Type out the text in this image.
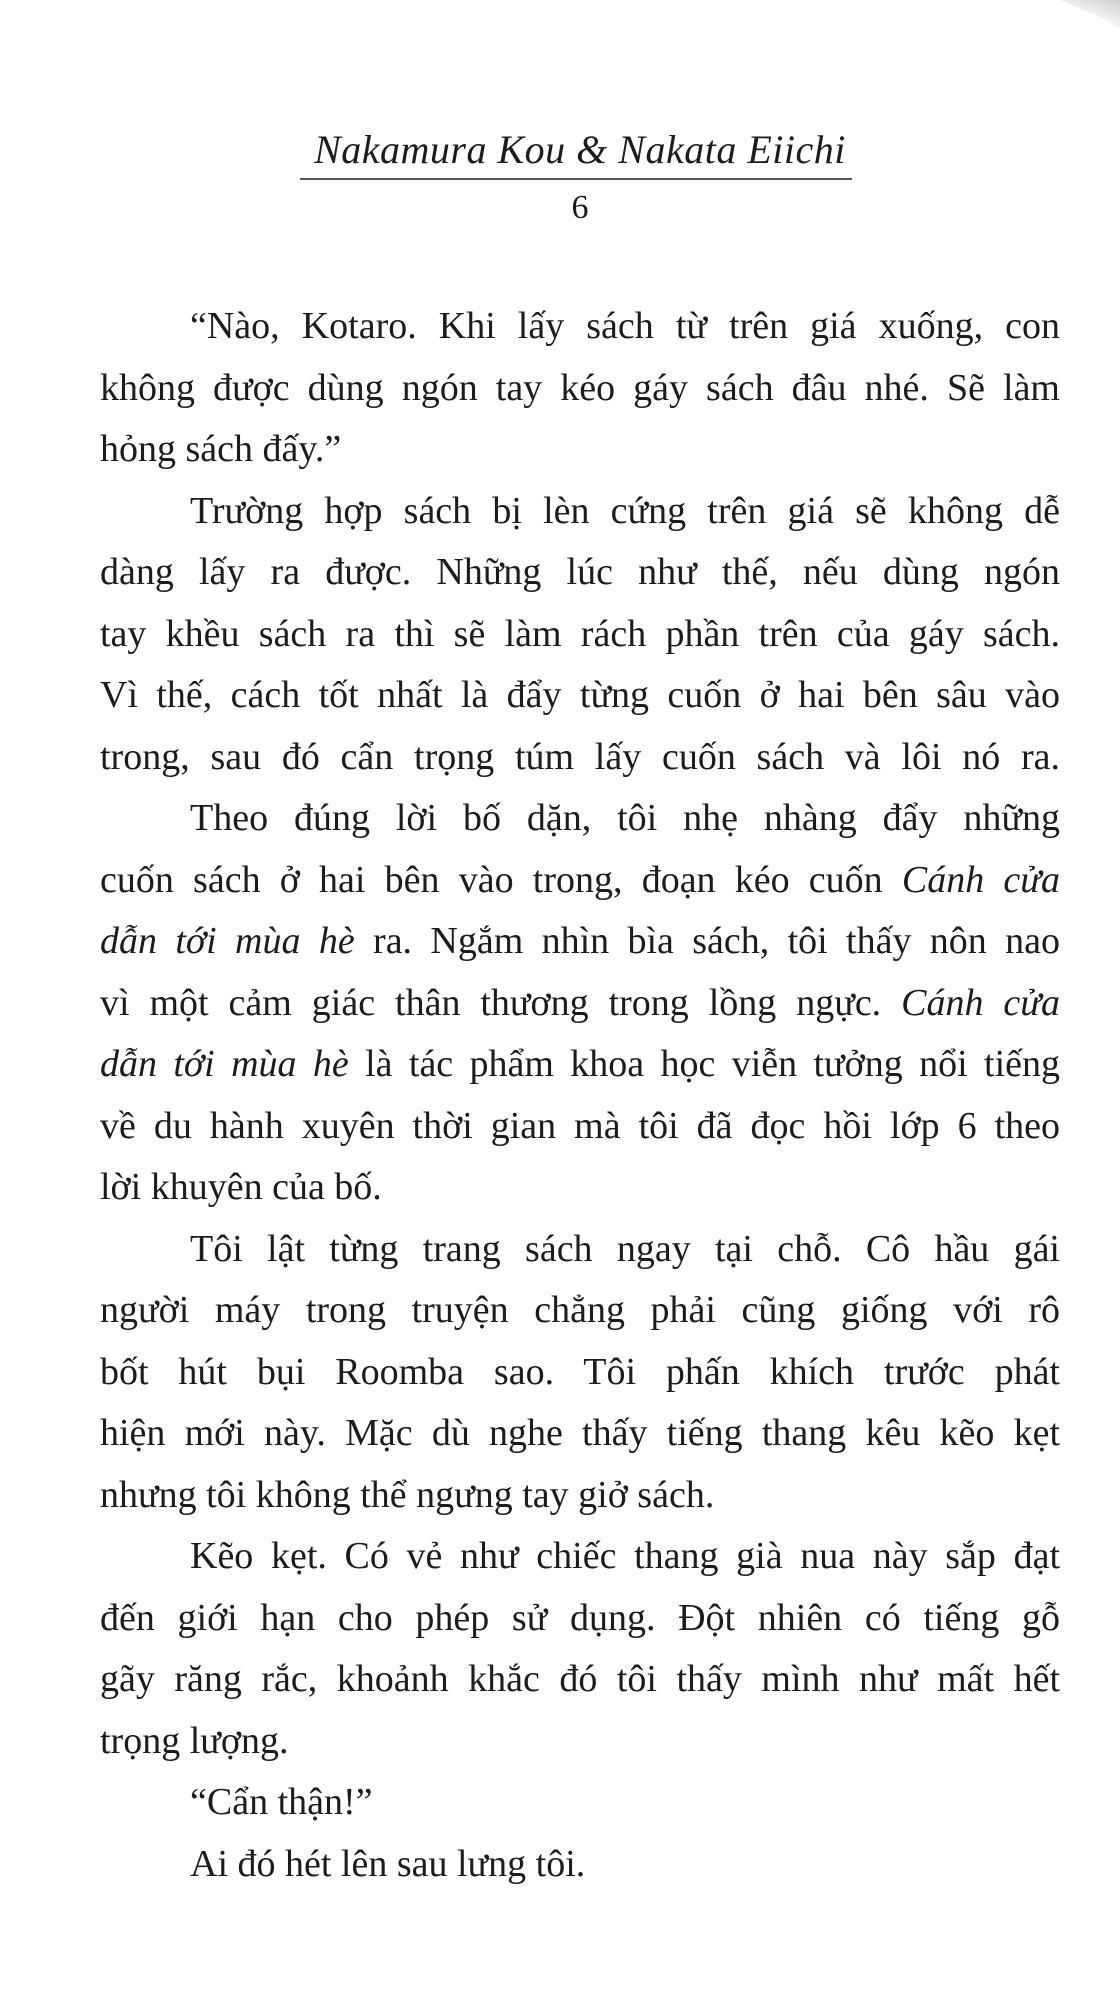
Nakamura Kou & Nakata Eiichi
6
“Nào, Kotaro. Khi lấy sách từ trên giá xuống, con
không được dùng ngón tay kéo gáy sách đâu nhé. Sẽ làm
hỏng sách đấy.”
Trường hợp sách bị lèn cứng trên giá sẽ không dễ
dàng lấy ra được. Những lúc như thế, nếu dùng ngón
tay khều sách ra thì sẽ làm rách phần trên của gáy sách.
Vì thế, cách tốt nhất là đẩy từng cuốn ở hai bên sâu vào
trong, sau đó cẩn trọng túm lấy cuốn sách và lôi nó ra.
Theo đúng lời bố dặn, tôi nhẹ nhàng đẩy những
cuốn sách ở hai bên vào trong, đoạn kéo cuốn Cánh cửa
dẫn tới mùa hè ra. Ngắm nhìn bìa sách, tôi thấy nôn nao
vì một cảm giác thân thương trong lồng ngực. Cánh cửa
dẫn tới mùa hè là tác phẩm khoa học viễn tưởng nổi tiếng
về du hành xuyên thời gian mà tôi đã đọc hồi lớp 6 theo
lời khuyên của bố.
Tôi lật từng trang sách ngay tại chỗ. Cô hầu gái
người máy trong truyện chẳng phải cũng giống với rô
bốt hút bụi Roomba sao. Tôi phấn khích trước phát
hiện mới này. Mặc dù nghe thấy tiếng thang kêu kẽo kẹt
nhưng tôi không thể ngưng tay giở sách.
Kẽo kẹt. Có vẻ như chiếc thang già nua này sắp đạt
đến giới hạn cho phép sử dụng. Đột nhiên có tiếng gỗ
gãy răng rắc, khoảnh khắc đó tôi thấy mình như mất hết
trọng lượng.
“Cẩn thận!”
Ai đó hét lên sau lưng tôi.
